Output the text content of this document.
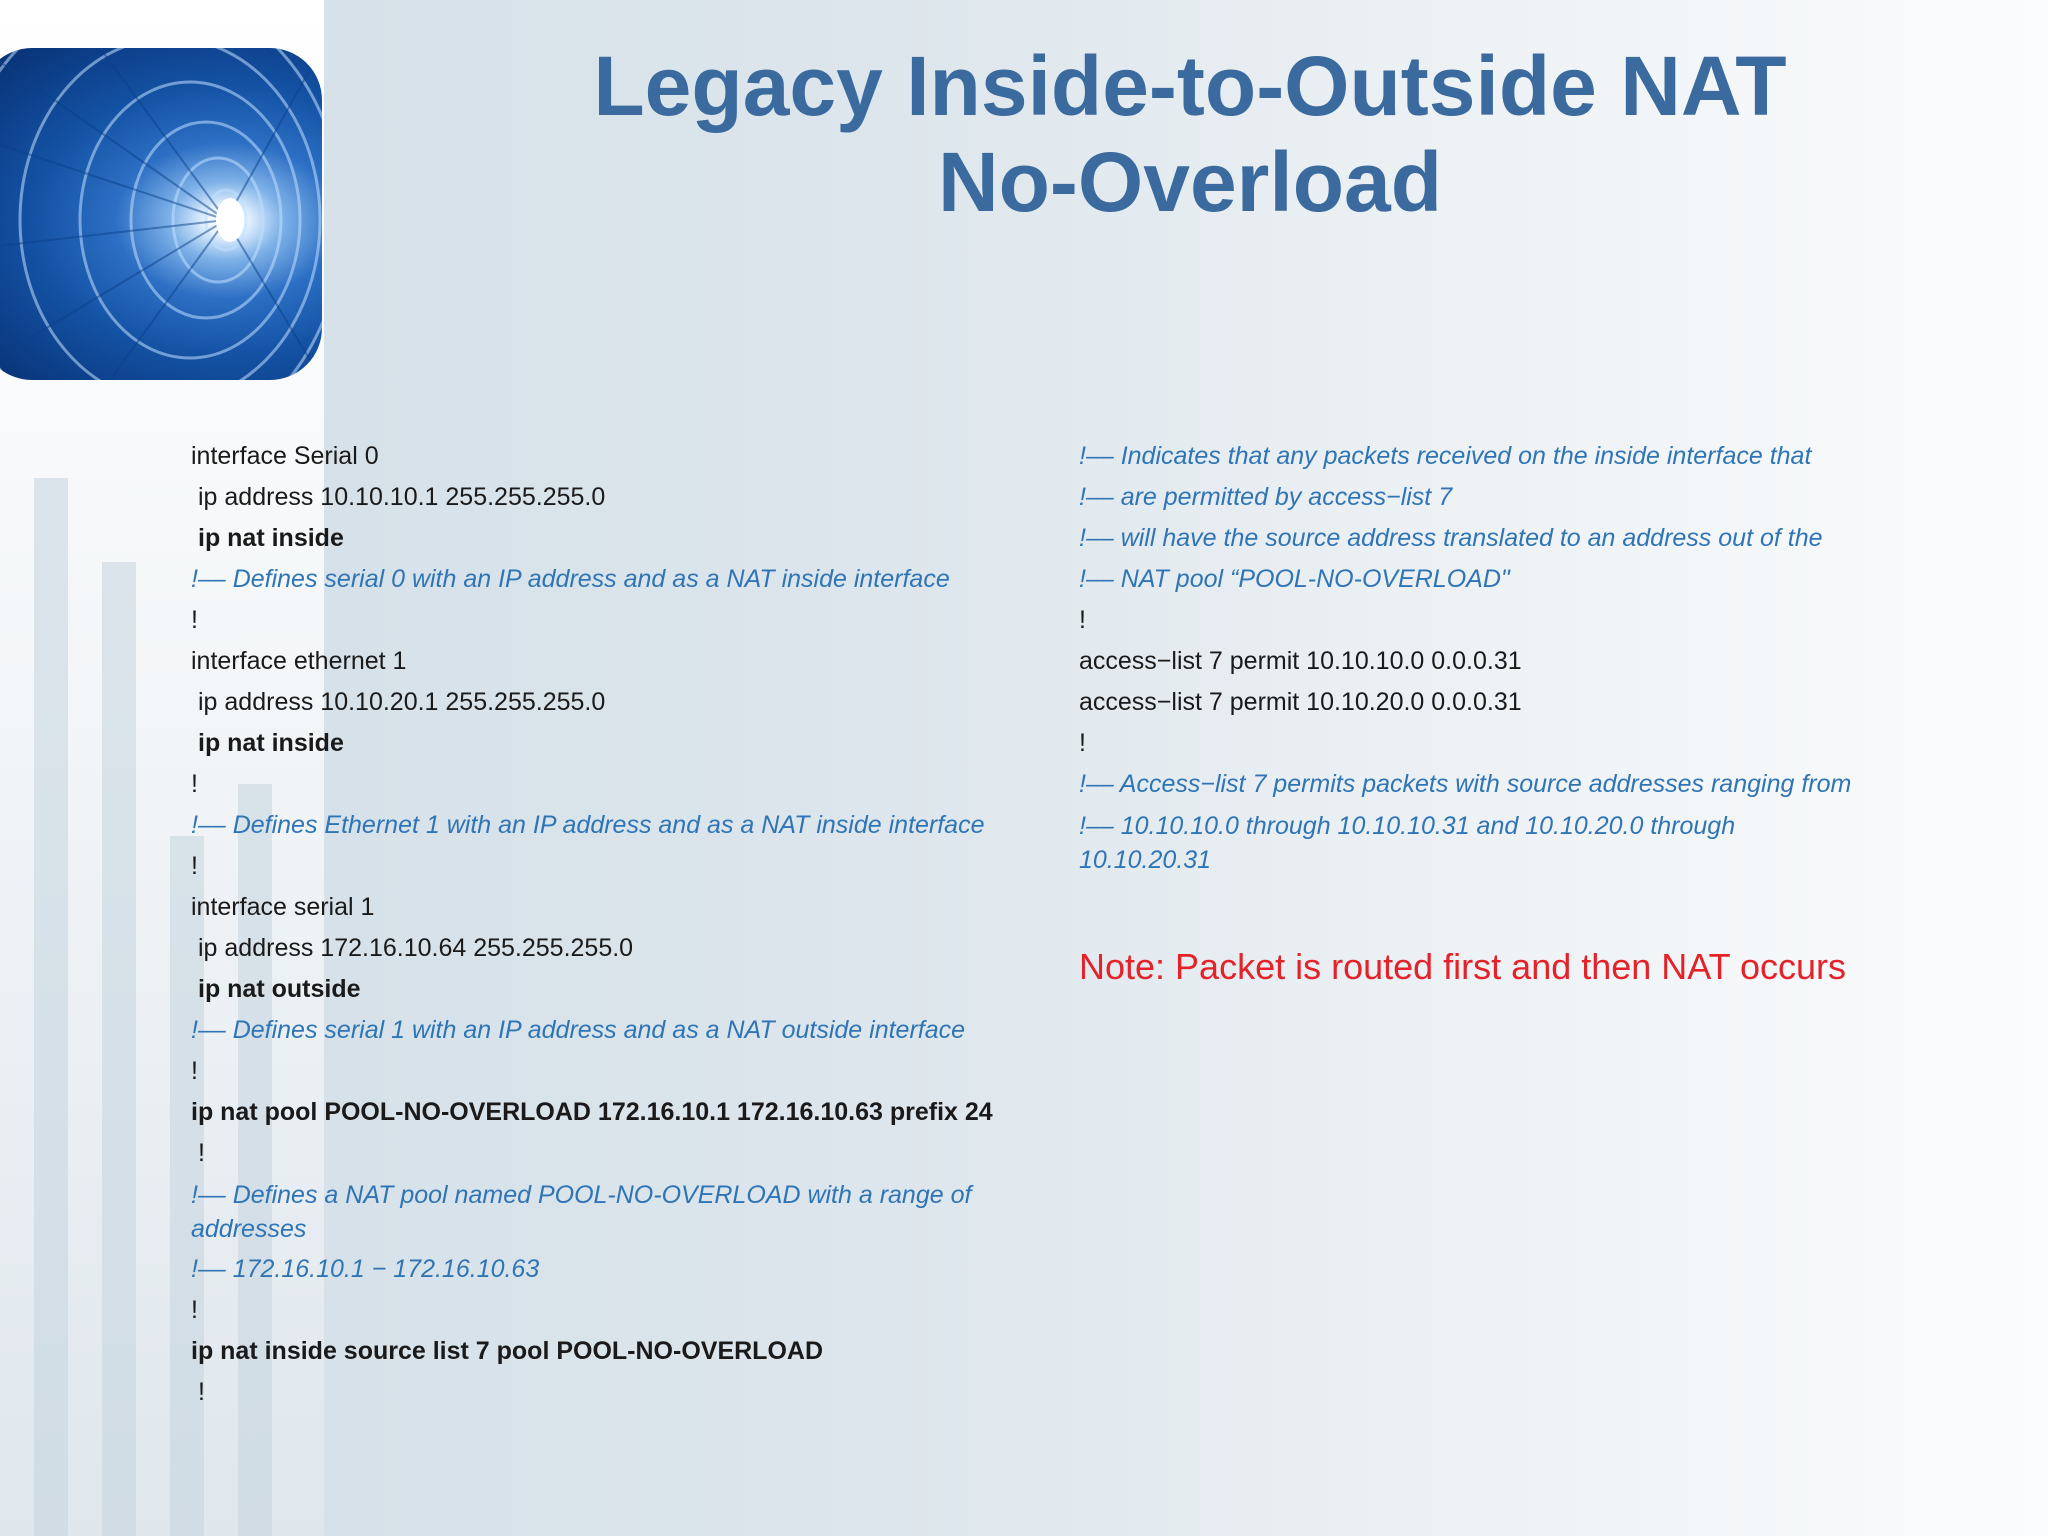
Legacy Inside-to-Outside NAT
No-Overload
interface Serial 0
ip address 10.10.10.1 255.255.255.0
ip nat inside
!–– Defines serial 0 with an IP address and as a NAT inside interface
!
interface ethernet 1
ip address 10.10.20.1 255.255.255.0
ip nat inside
!
!–– Defines Ethernet 1 with an IP address and as a NAT inside interface
!
interface serial 1
ip address 172.16.10.64 255.255.255.0
ip nat outside
!–– Defines serial 1 with an IP address and as a NAT outside interface
!
ip nat pool POOL-NO-OVERLOAD 172.16.10.1 172.16.10.63 prefix 24
!
!–– Defines a NAT pool named POOL-NO-OVERLOAD with a range of addresses
!–– 172.16.10.1 − 172.16.10.63
!
ip nat inside source list 7 pool POOL-NO-OVERLOAD
!
!–– Indicates that any packets received on the inside interface that
!–– are permitted by access−list 7
!–– will have the source address translated to an address out of the
!–– NAT pool “POOL-NO-OVERLOAD"
!
access−list 7 permit 10.10.10.0 0.0.0.31
access−list 7 permit 10.10.20.0 0.0.0.31
!
!–– Access−list 7 permits packets with source addresses ranging from
!–– 10.10.10.0 through 10.10.10.31 and 10.10.20.0 through 10.10.20.31
Note: Packet is routed first and then NAT occurs
